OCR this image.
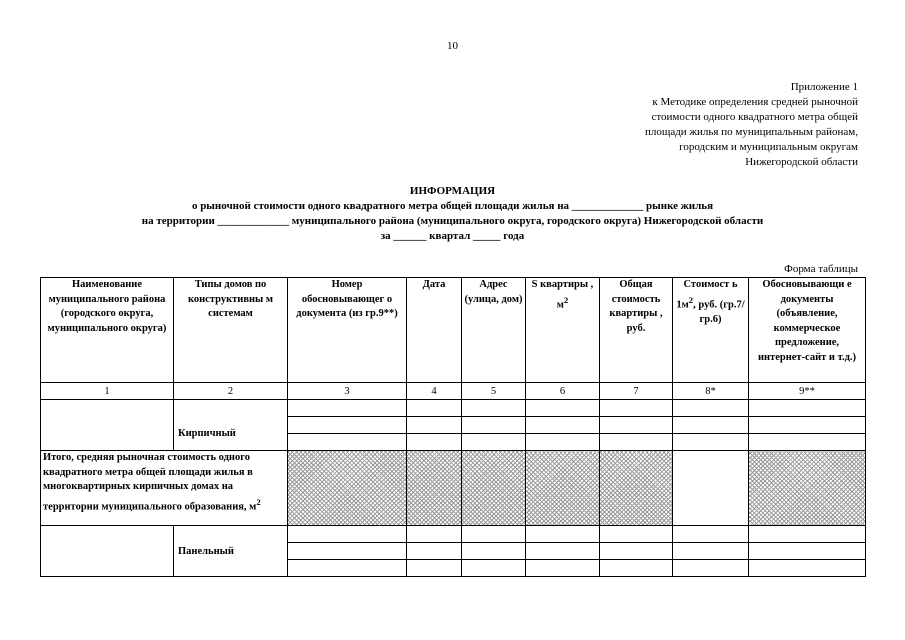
10
Приложение 1
к Методике определения средней рыночной
стоимости одного квадратного метра общей
площади жилья по муниципальным районам,
городским и муниципальным округам
Нижегородской области
ИНФОРМАЦИЯ
о рыночной стоимости одного квадратного метра общей площади жилья на _____________ рынке жилья
на территории _____________ муниципального района (муниципального округа, городского округа) Нижегородской области
за ______ квартал _____ года
Форма таблицы
Наименование муниципального района (городского округа, муниципального округа)	Типы домов по конструктивны м системам	Номер обосновывающег о документа (из гр.9**)	Дата	Адрес (улица, дом)	S квартиры , $м^2$	Общая стоимость квартиры , руб.	Стоимост ь $1м^2$, руб. (гр.7/гр.6)	Обосновывающи е документы (объявление, коммерческое предложение, интернет-сайт и т.д.)
1	2	3	4	5	6	7	8*	9**

	Кирпичный							

Итого, средняя рыночная стоимость одного квадратного метра общей площади жилья в многоквартирных кирпичных домах на территории муниципального образования, $м^2$							
	Панельный							
